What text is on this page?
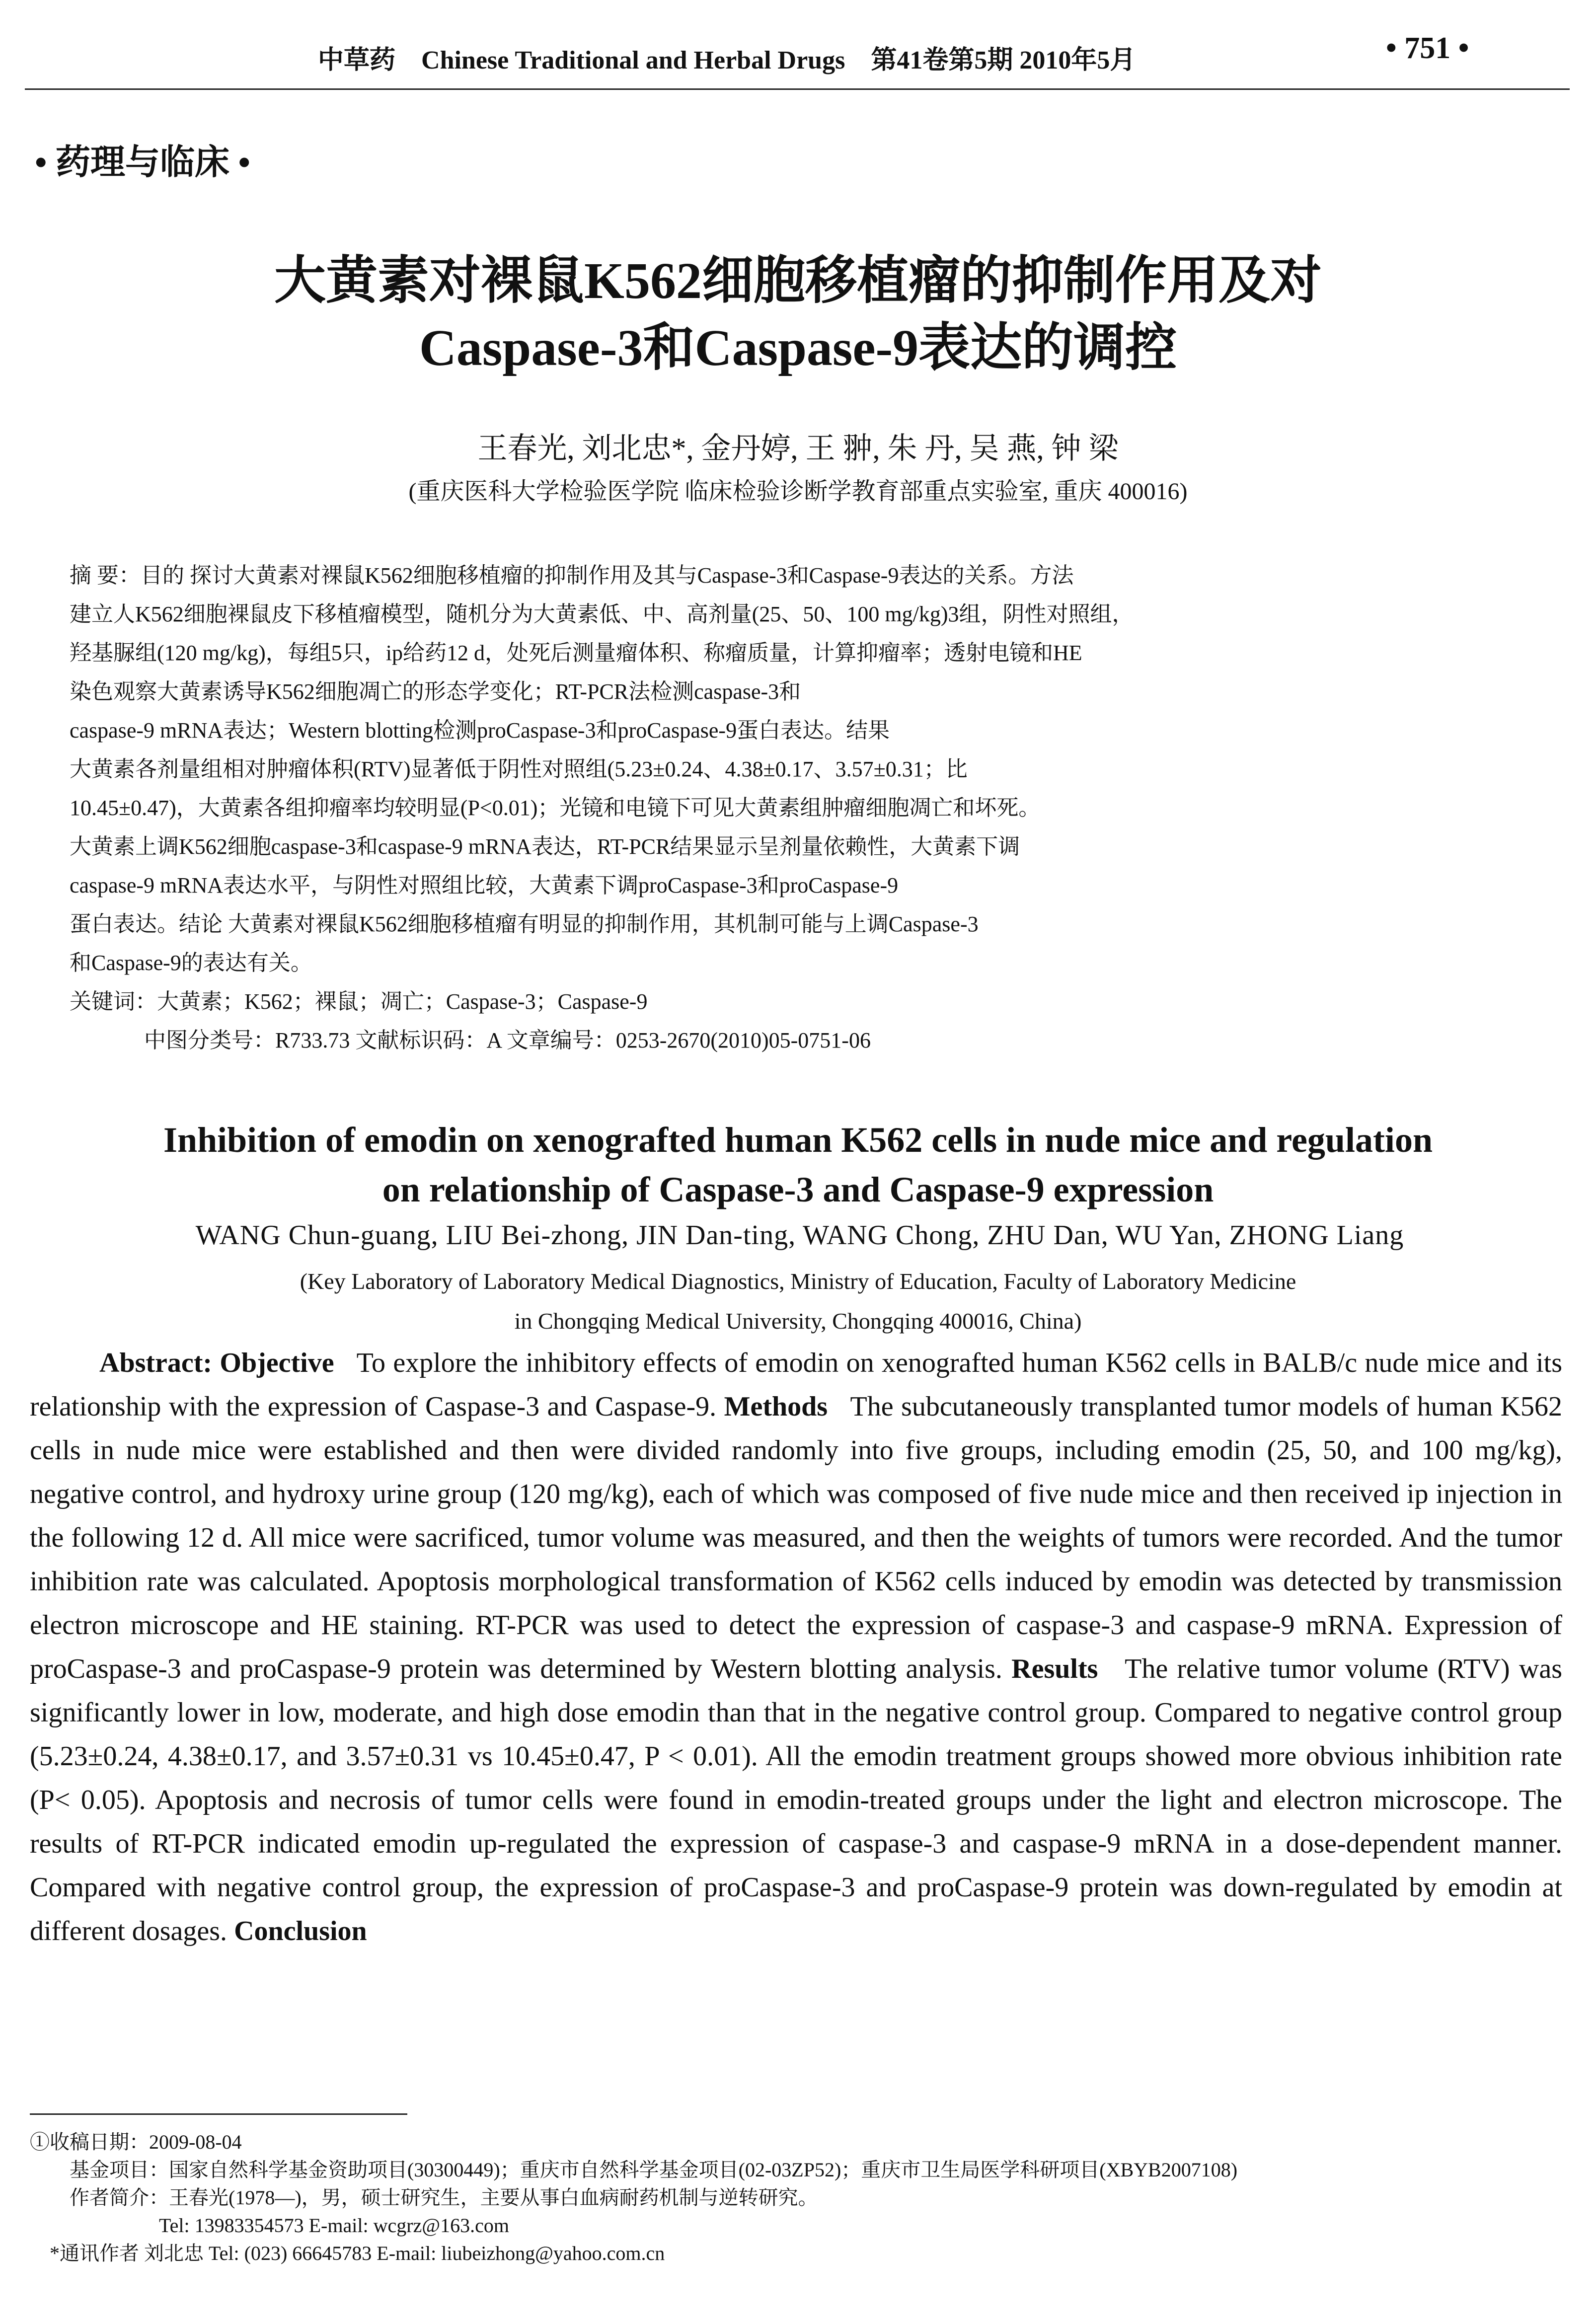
中草药 Chinese Traditional and Herbal Drugs 第41卷第5期 2010年5月	• 751 •
• 药理与临床 •
大黄素对裸鼠K562细胞移植瘤的抑制作用及对
Caspase-3和Caspase-9表达的调控
王春光, 刘北忠*, 金丹婷, 王 翀, 朱 丹, 吴 燕, 钟 梁
(重庆医科大学检验医学院 临床检验诊断学教育部重点实验室, 重庆 400016)

摘 要：目的 探讨大黄素对裸鼠K562细胞移植瘤的抑制作用及其与Caspase-3和Caspase-9表达的关系。方法

建立人K562细胞裸鼠皮下移植瘤模型，随机分为大黄素低、中、高剂量(25、50、100 mg/kg)3组，阴性对照组，

羟基脲组(120 mg/kg)，每组5只，ip给药12 d，处死后测量瘤体积、称瘤质量，计算抑瘤率；透射电镜和HE

染色观察大黄素诱导K562细胞凋亡的形态学变化；RT-PCR法检测caspase-3和

caspase-9 mRNA表达；Western blotting检测proCaspase-3和proCaspase-9蛋白表达。结果

大黄素各剂量组相对肿瘤体积(RTV)显著低于阴性对照组(5.23±0.24、4.38±0.17、3.57±0.31；比

10.45±0.47)，大黄素各组抑瘤率均较明显(P<0.01)；光镜和电镜下可见大黄素组肿瘤细胞凋亡和坏死。

大黄素上调K562细胞caspase-3和caspase-9 mRNA表达，RT-PCR结果显示呈剂量依赖性，大黄素下调

caspase-9 mRNA表达水平，与阴性对照组比较，大黄素下调proCaspase-3和proCaspase-9

蛋白表达。结论 大黄素对裸鼠K562细胞移植瘤有明显的抑制作用，其机制可能与上调Caspase-3

和Caspase-9的表达有关。

关键词：大黄素；K562；裸鼠；凋亡；Caspase-3；Caspase-9

中图分类号：R733.73 文献标识码：A 文章编号：0253-2670(2010)05-0751-06

Inhibition of emodin on xenografted human K562 cells in nude mice and regulation
on relationship of Caspase-3 and Caspase-9 expression
WANG Chun-guang, LIU Bei-zhong, JIN Dan-ting, WANG Chong, ZHU Dan, WU Yan, ZHONG Liang
(Key Laboratory of Laboratory Medical Diagnostics, Ministry of Education, Faculty of Laboratory Medicine
in Chongqing Medical University, Chongqing 400016, China)
Abstract: Objective To explore the inhibitory effects of emodin on xenografted human K562 cells in BALB/c nude mice and its relationship with the expression of Caspase-3 and Caspase-9. Methods The subcutaneously transplanted tumor models of human K562 cells in nude mice were established and then were divided randomly into five groups, including emodin (25, 50, and 100 mg/kg), negative control, and hydroxy urine group (120 mg/kg), each of which was composed of five nude mice and then received ip injection in the following 12 d. All mice were sacrificed, tumor volume was measured, and then the weights of tumors were recorded. And the tumor inhibition rate was calculated. Apoptosis morphological transformation of K562 cells induced by emodin was detected by transmission electron microscope and HE staining. RT-PCR was used to detect the expression of caspase-3 and caspase-9 mRNA. Expression of proCaspase-3 and proCaspase-9 protein was determined by Western blotting analysis. Results The relative tumor volume (RTV) was significantly lower in low, moderate, and high dose emodin than that in the negative control group. Compared to negative control group (5.23±0.24, 4.38±0.17, and 3.57±0.31 vs 10.45±0.47, P < 0.01). All the emodin treatment groups showed more obvious inhibition rate (P< 0.05). Apoptosis and necrosis of tumor cells were found in emodin-treated groups under the light and electron microscope. The results of RT-PCR indicated emodin up-regulated the expression of caspase-3 and caspase-9 mRNA in a dose-dependent manner. Compared with negative control group, the expression of proCaspase-3 and proCaspase-9 protein was down-regulated by emodin at different dosages. Conclusion
①收稿日期：2009-08-04
基金项目：国家自然科学基金资助项目(30300449)；重庆市自然科学基金项目(02-03ZP52)；重庆市卫生局医学科研项目(XBYB2007108)
作者简介：王春光(1978—)，男，硕士研究生，主要从事白血病耐药机制与逆转研究。
Tel: 13983354573 E-mail: wcgrz@163.com
*通讯作者 刘北忠 Tel: (023) 66645783 E-mail: liubeizhong@yahoo.com.cn
